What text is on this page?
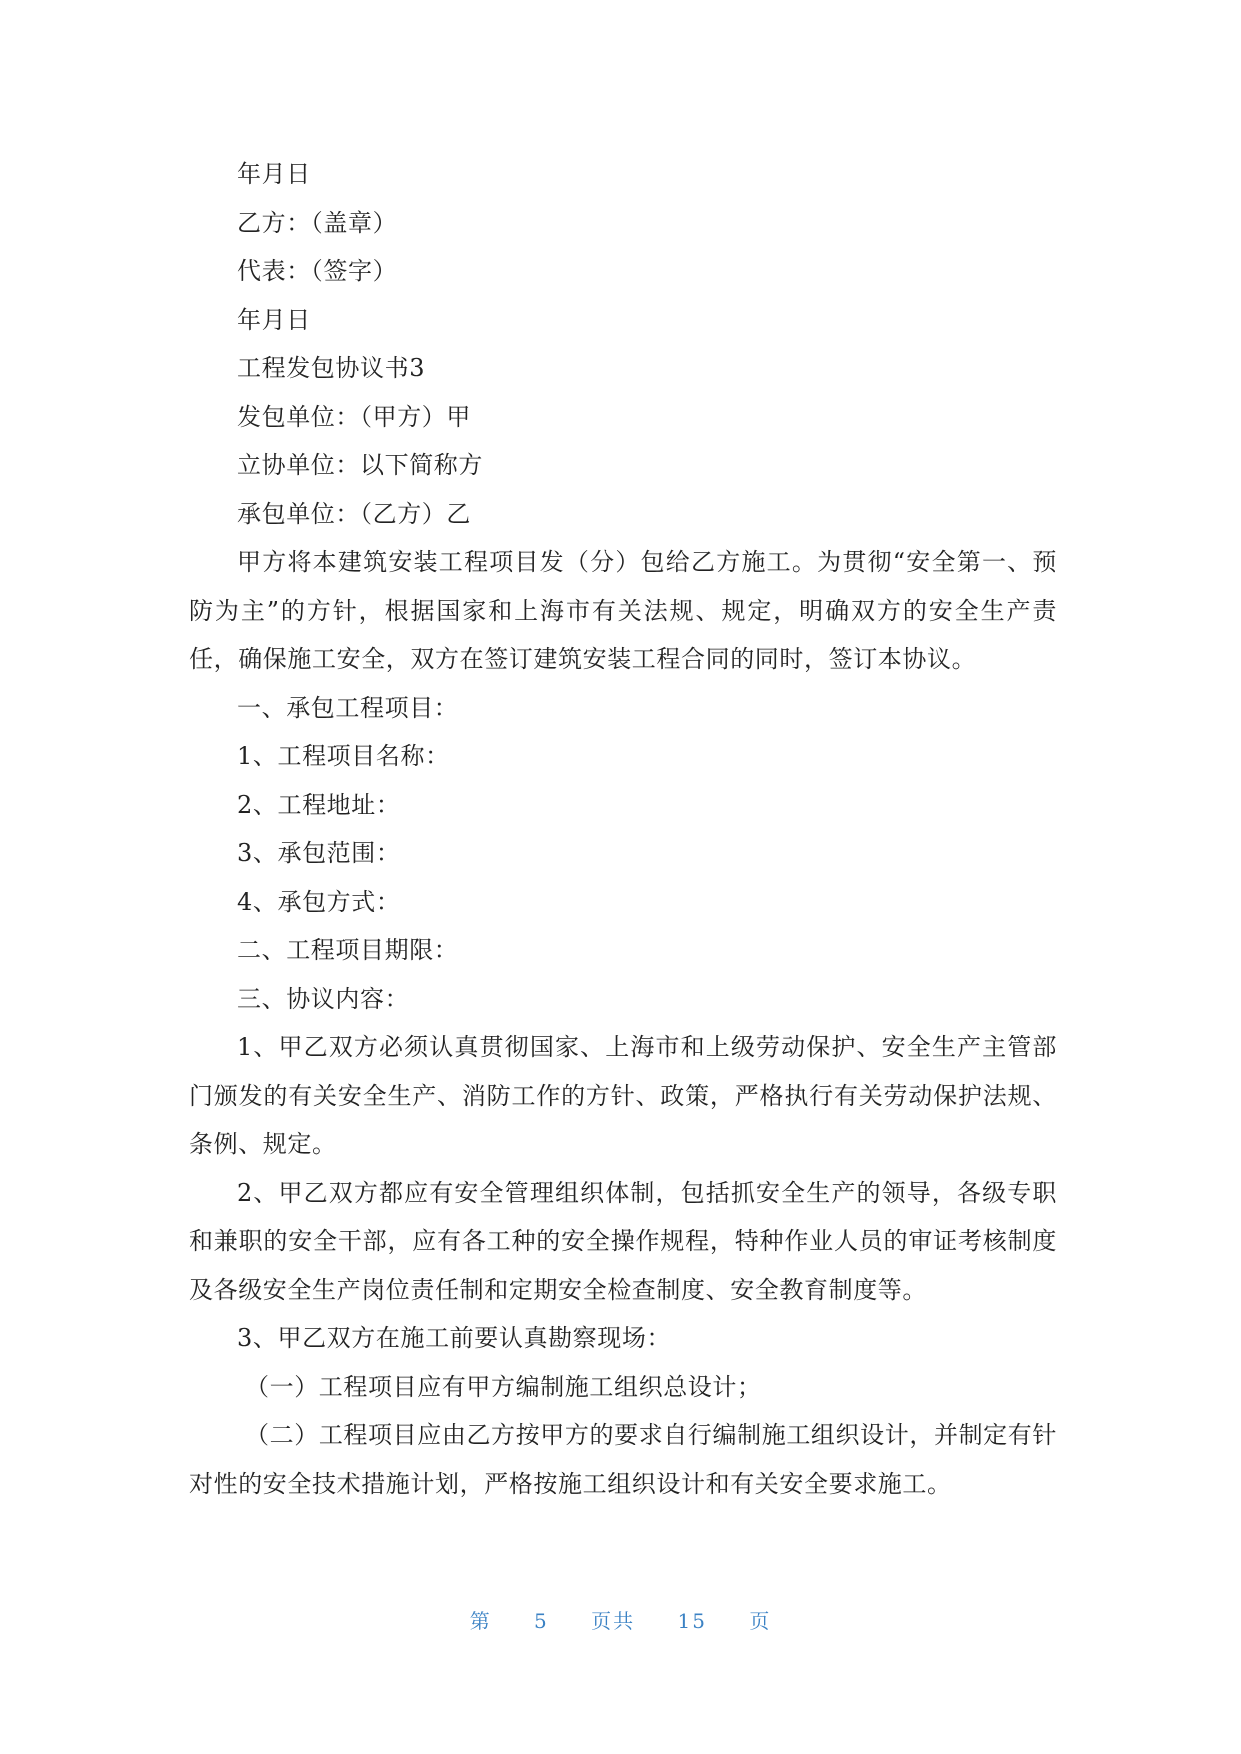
年月日

乙方：（盖章）

代表：（签字）

年月日

工程发包协议书3

发包单位：（甲方）甲

立协单位：以下简称方

承包单位：（乙方）乙

甲方将本建筑安装工程项目发（分）包给乙方施工。为贯彻“安全第一、预防为主”的方针，根据国家和上海市有关法规、规定，明确双方的安全生产责任，确保施工安全，双方在签订建筑安装工程合同的同时，签订本协议。

一、承包工程项目：

1、工程项目名称：

2、工程地址：

3、承包范围：

4、承包方式：

二、工程项目期限：

三、协议内容：

1、甲乙双方必须认真贯彻国家、上海市和上级劳动保护、安全生产主管部门颁发的有关安全生产、消防工作的方针、政策，严格执行有关劳动保护法规、条例、规定。

2、甲乙双方都应有安全管理组织体制，包括抓安全生产的领导，各级专职和兼职的安全干部，应有各工种的安全操作规程，特种作业人员的审证考核制度及各级安全生产岗位责任制和定期安全检查制度、安全教育制度等。

3、甲乙双方在施工前要认真勘察现场：

（一）工程项目应有甲方编制施工组织总设计；

（二）工程项目应由乙方按甲方的要求自行编制施工组织设计，并制定有针对性的安全技术措施计划，严格按施工组织设计和有关安全要求施工。

第 5 页共 15 页
